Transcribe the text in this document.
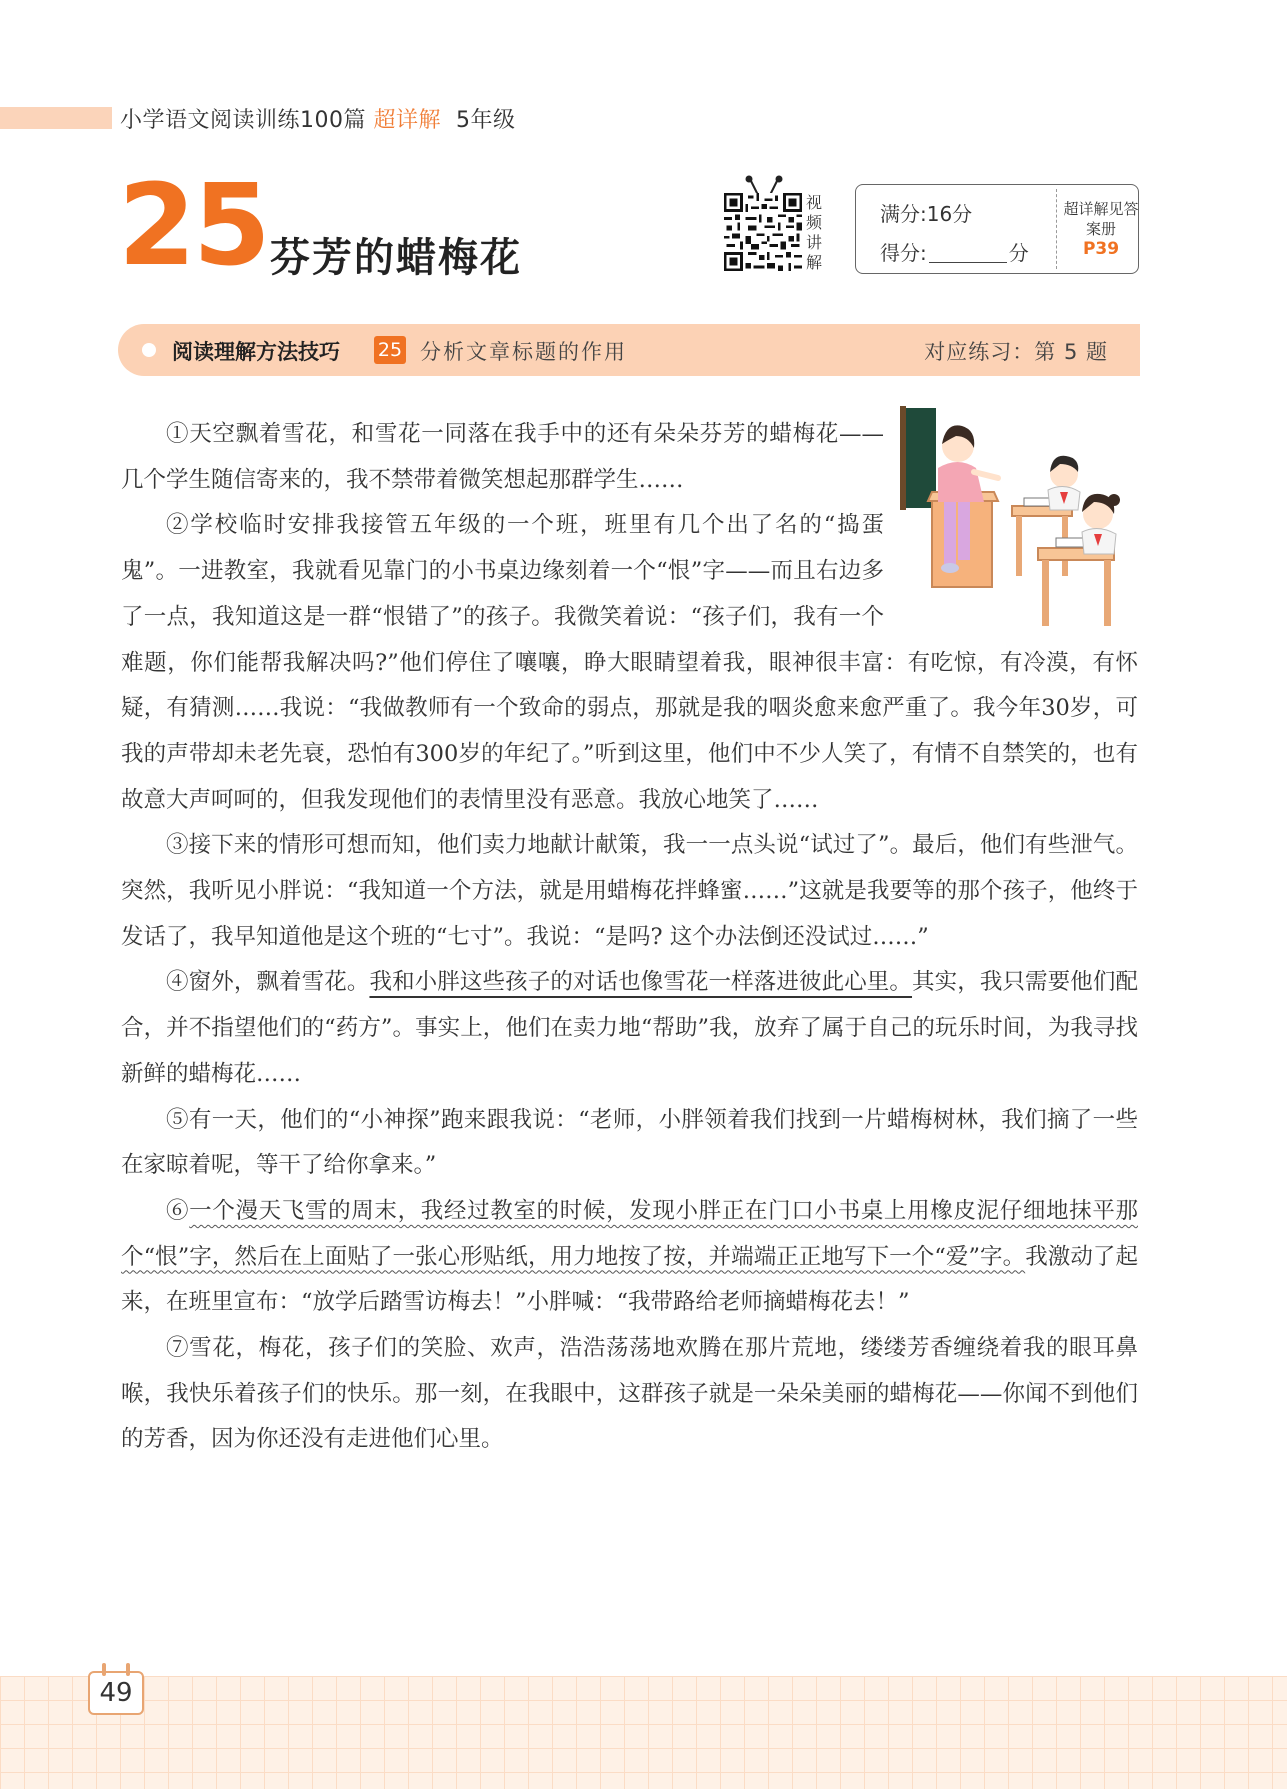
小学语文阅读训练100篇 超详解 5年级
25 芬芳的蜡梅花
视频讲解
满分:16分
得分:	分
超详解见答案册
P39
阅读理解方法技巧 25 分析文章标题的作用	对应练习：第 5 题

①天空飘着雪花，和雪花一同落在我手中的还有朵朵芬芳的蜡梅花——几个学生随信寄来的，我不禁带着微笑想起那群学生……

②学校临时安排我接管五年级的一个班，班里有几个出了名的“捣蛋鬼”。一进教室，我就看见靠门的小书桌边缘刻着一个“恨”字——而且右边多了一点，我知道这是一群“恨错了”的孩子。我微笑着说：“孩子们，我有一个难题，你们能帮我解决吗?”他们停住了嚷嚷，睁大眼睛望着我，眼神很丰富：有吃惊，有冷漠，有怀疑，有猜测……我说：“我做教师有一个致命的弱点，那就是我的咽炎愈来愈严重了。我今年30岁，可我的声带却未老先衰，恐怕有300岁的年纪了。”听到这里，他们中不少人笑了，有情不自禁笑的，也有故意大声呵呵的，但我发现他们的表情里没有恶意。我放心地笑了……

③接下来的情形可想而知，他们卖力地献计献策，我一一点头说“试过了”。最后，他们有些泄气。突然，我听见小胖说：“我知道一个方法，就是用蜡梅花拌蜂蜜……”这就是我要等的那个孩子，他终于发话了，我早知道他是这个班的“七寸”。我说：“是吗? 这个办法倒还没试过……”

④窗外，飘着雪花。我和小胖这些孩子的对话也像雪花一样落进彼此心里。其实，我只需要他们配合，并不指望他们的“药方”。事实上，他们在卖力地“帮助”我，放弃了属于自己的玩乐时间，为我寻找新鲜的蜡梅花……

⑤有一天，他们的“小神探”跑来跟我说：“老师，小胖领着我们找到一片蜡梅树林，我们摘了一些在家晾着呢，等干了给你拿来。”

⑥一个漫天飞雪的周末，我经过教室的时候，发现小胖正在门口小书桌上用橡皮泥仔细地抹平那个“恨”字，然后在上面贴了一张心形贴纸，用力地按了按，并端端正正地写下一个“爱”字。我激动了起来，在班里宣布：“放学后踏雪访梅去！”小胖喊：“我带路给老师摘蜡梅花去！”

⑦雪花，梅花，孩子们的笑脸、欢声，浩浩荡荡地欢腾在那片荒地，缕缕芳香缠绕着我的眼耳鼻喉，我快乐着孩子们的快乐。那一刻，在我眼中，这群孩子就是一朵朵美丽的蜡梅花——你闻不到他们的芳香，因为你还没有走进他们心里。

49
